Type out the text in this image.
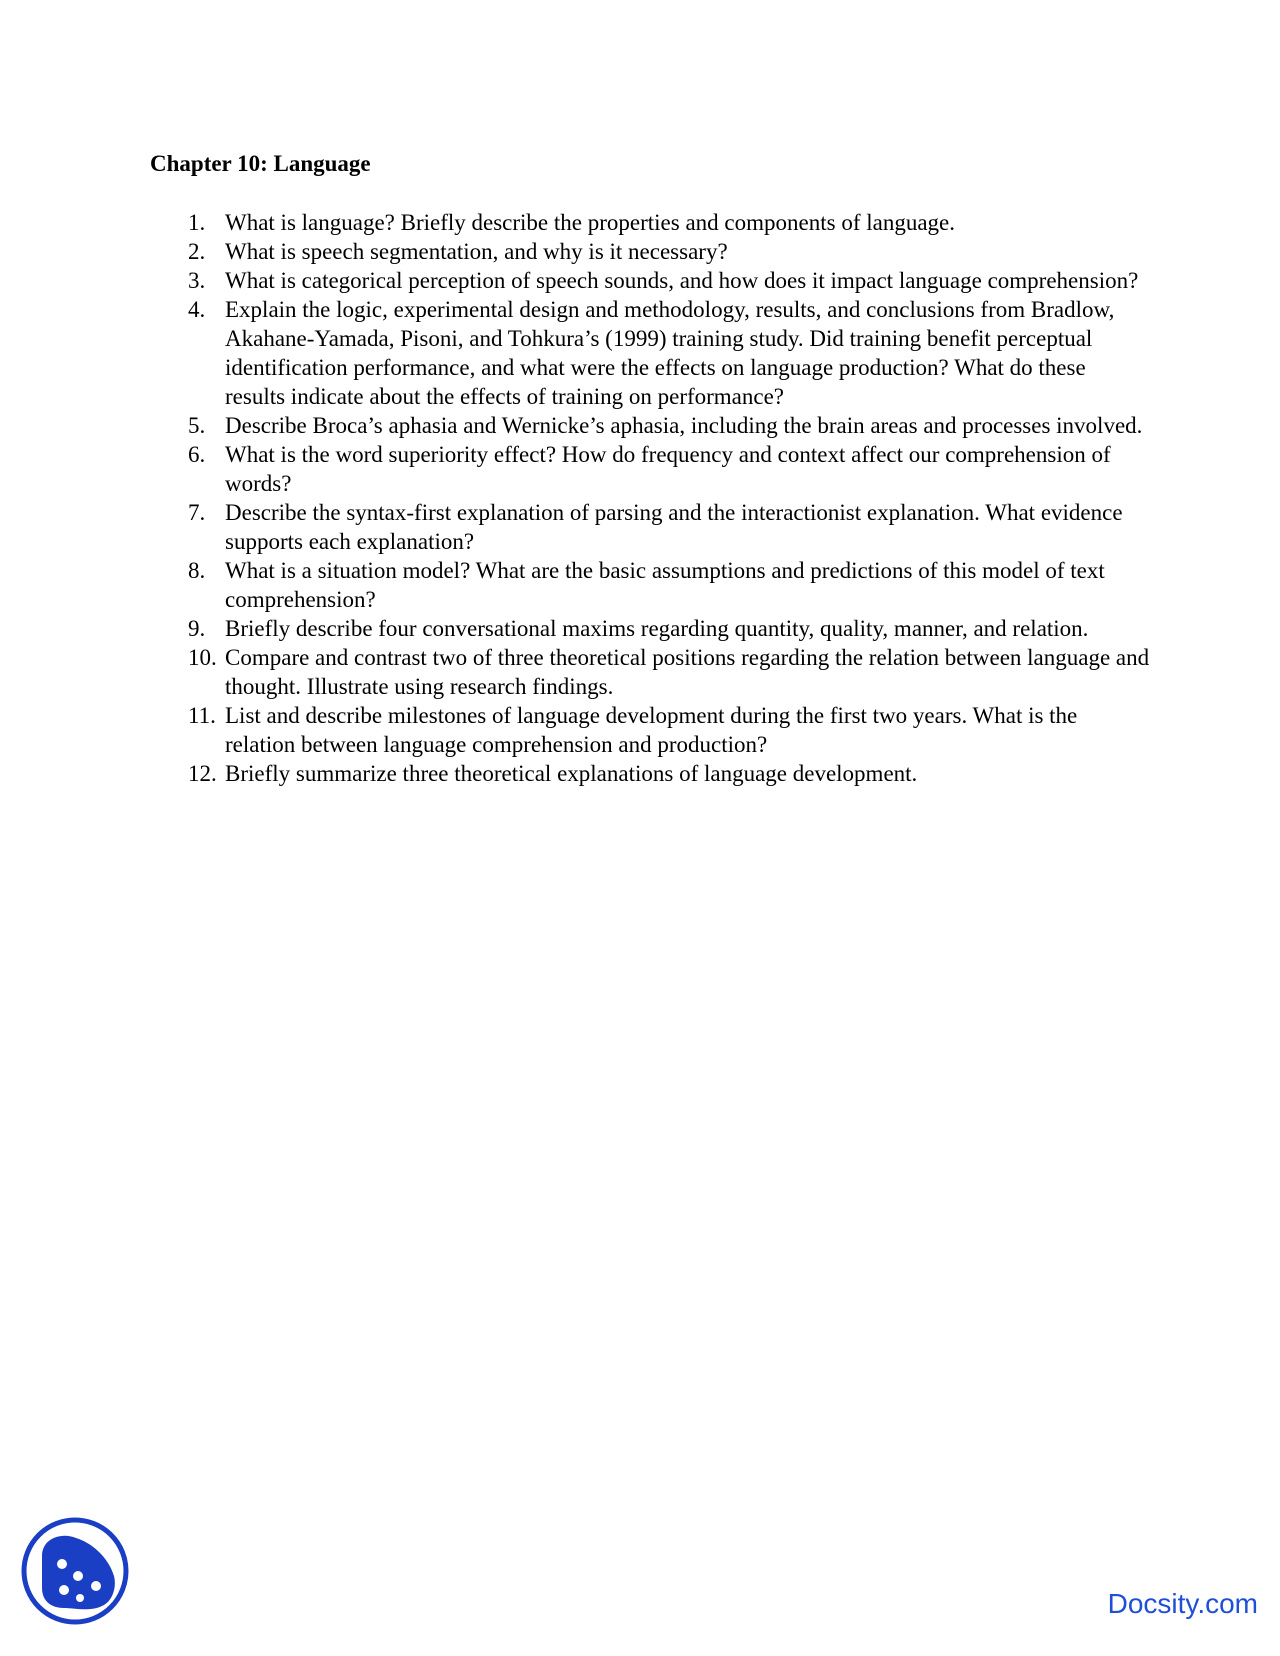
Chapter 10: Language
1. What is language? Briefly describe the properties and components of language.
2. What is speech segmentation, and why is it necessary?
3. What is categorical perception of speech sounds, and how does it impact language comprehension?
4. Explain the logic, experimental design and methodology, results, and conclusions from Bradlow, Akahane-Yamada, Pisoni, and Tohkura’s (1999) training study. Did training benefit perceptual identification performance, and what were the effects on language production? What do these results indicate about the effects of training on performance?
5. Describe Broca’s aphasia and Wernicke’s aphasia, including the brain areas and processes involved.
6. What is the word superiority effect? How do frequency and context affect our comprehension of words?
7. Describe the syntax-first explanation of parsing and the interactionist explanation. What evidence supports each explanation?
8. What is a situation model? What are the basic assumptions and predictions of this model of text comprehension?
9. Briefly describe four conversational maxims regarding quantity, quality, manner, and relation.
10. Compare and contrast two of three theoretical positions regarding the relation between language and thought. Illustrate using research findings.
11. List and describe milestones of language development during the first two years. What is the relation between language comprehension and production?
12. Briefly summarize three theoretical explanations of language development.
Docsity.com
